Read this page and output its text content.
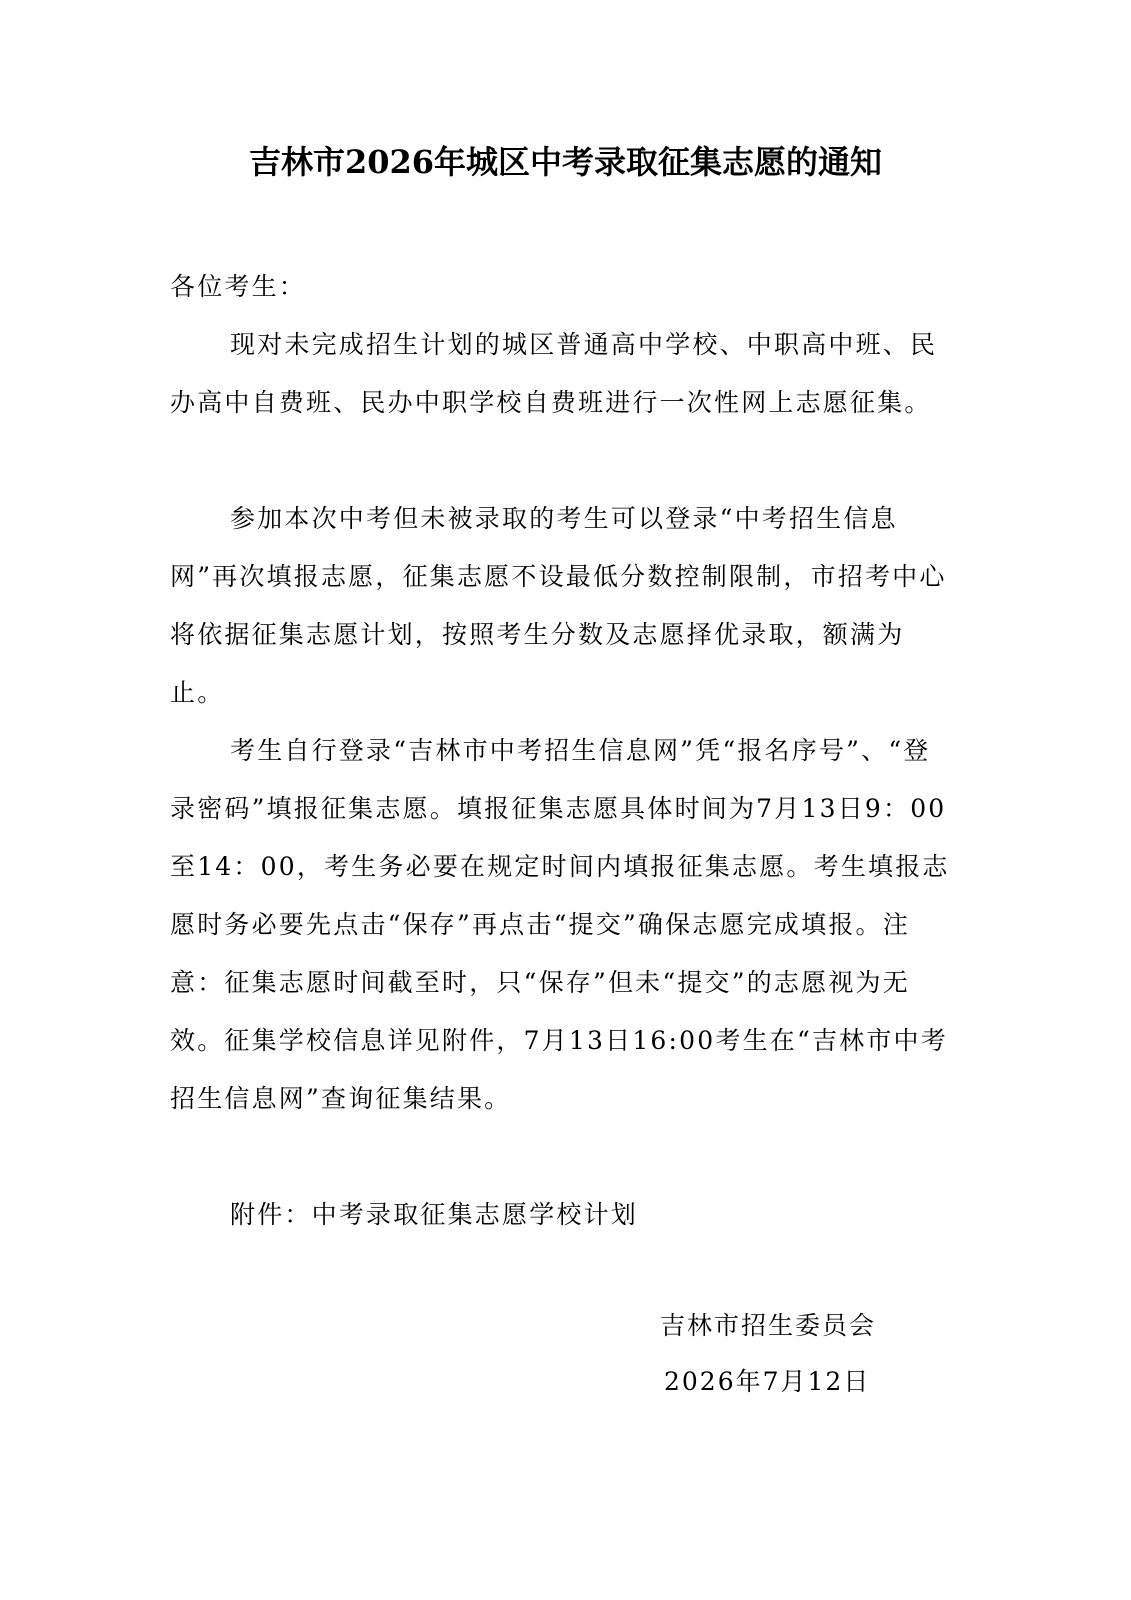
吉林市2026年城区中考录取征集志愿的通知
各位考生：

现对未完成招生计划的城区普通高中学校、中职高中班、民办高中自费班、民办中职学校自费班进行一次性网上志愿征集。

参加本次中考但未被录取的考生可以登录“中考招生信息网”再次填报志愿，征集志愿不设最低分数控制限制，市招考中心将依据征集志愿计划，按照考生分数及志愿择优录取，额满为止。

考生自行登录“吉林市中考招生信息网”凭“报名序号”、“登录密码”填报征集志愿。填报征集志愿具体时间为7月13日9：00至14：00，考生务必要在规定时间内填报征集志愿。考生填报志愿时务必要先点击“保存”再点击“提交”确保志愿完成填报。注意：征集志愿时间截至时，只“保存”但未“提交”的志愿视为无效。征集学校信息详见附件，7月13日16:00考生在“吉林市中考招生信息网”查询征集结果。

附件：中考录取征集志愿学校计划

吉林市招生委员会
2026年7月12日
